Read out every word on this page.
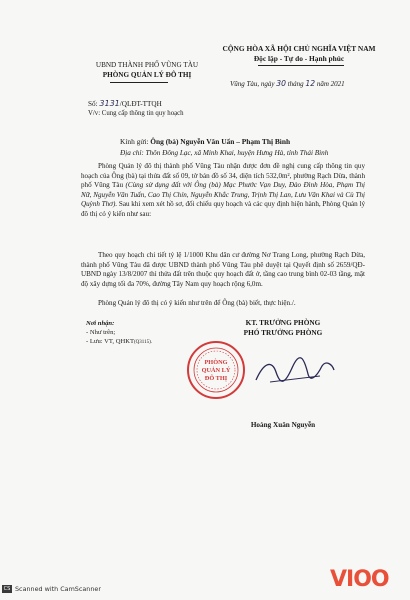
UBND THÀNH PHỐ VŨNG TÀU
PHÒNG QUẢN LÝ ĐÔ THỊ
CỘNG HÒA XÃ HỘI CHỦ NGHĨA VIỆT NAM
Độc lập - Tự do - Hạnh phúc
Vũng Tàu, ngày 30 tháng 12 năm 2021
Số: 3131/QLĐT-TTQH
V/v: Cung cấp thông tin quy hoạch
Kính gửi: Ông (bà) Nguyễn Văn Uẩn – Phạm Thị Bình
Địa chỉ: Thôn Đông Lạc, xã Minh Khai, huyện Hưng Hà, tỉnh Thái Bình
Phòng Quản lý đô thị thành phố Vũng Tàu nhận được đơn đề nghị cung cấp thông tin quy hoạch của Ông (bà) tại thửa đất số 09, tờ bản đồ số 34, diện tích 532,0m², phường Rạch Dừa, thành phố Vũng Tàu (Cùng sử dụng đất với Ông (bà) Mạc Phước Vạn Duy, Đào Đình Hòa, Phạm Thị Nữ, Nguyễn Văn Tuấn, Cao Thị Chín, Nguyễn Khắc Trung, Trịnh Thị Lan, Lưu Văn Khai và Cù Thị Quỳnh Thơ). Sau khi xem xét hồ sơ, đối chiếu quy hoạch và các quy định hiện hành, Phòng Quản lý đô thị có ý kiến như sau:
Theo quy hoạch chi tiết tỷ lệ 1/1000 Khu dân cư đường Nơ Trang Long, phường Rạch Dừa, thành phố Vũng Tàu đã được UBND thành phố Vũng Tàu phê duyệt tại Quyết định số 2659/QĐ-UBND ngày 13/8/2007 thì thửa đất trên thuộc quy hoạch đất ở, tầng cao trung bình 02-03 tầng, mật độ xây dựng tối đa 70%, đường Tây Nam quy hoạch rộng 6,0m.
Phòng Quản lý đô thị có ý kiến như trên để Ông (bà) biết, thực hiện./.
Nơi nhận:
- Như trên;
- Lưu: VT, QHKT(Q3115).
KT. TRƯỞNG PHÒNG
PHÓ TRƯỞNG PHÒNG
PHÒNG
QUẢN LÝ
ĐÔ THỊ
Hoàng Xuân Nguyễn
CS Scanned with CamScanner	VIOO
